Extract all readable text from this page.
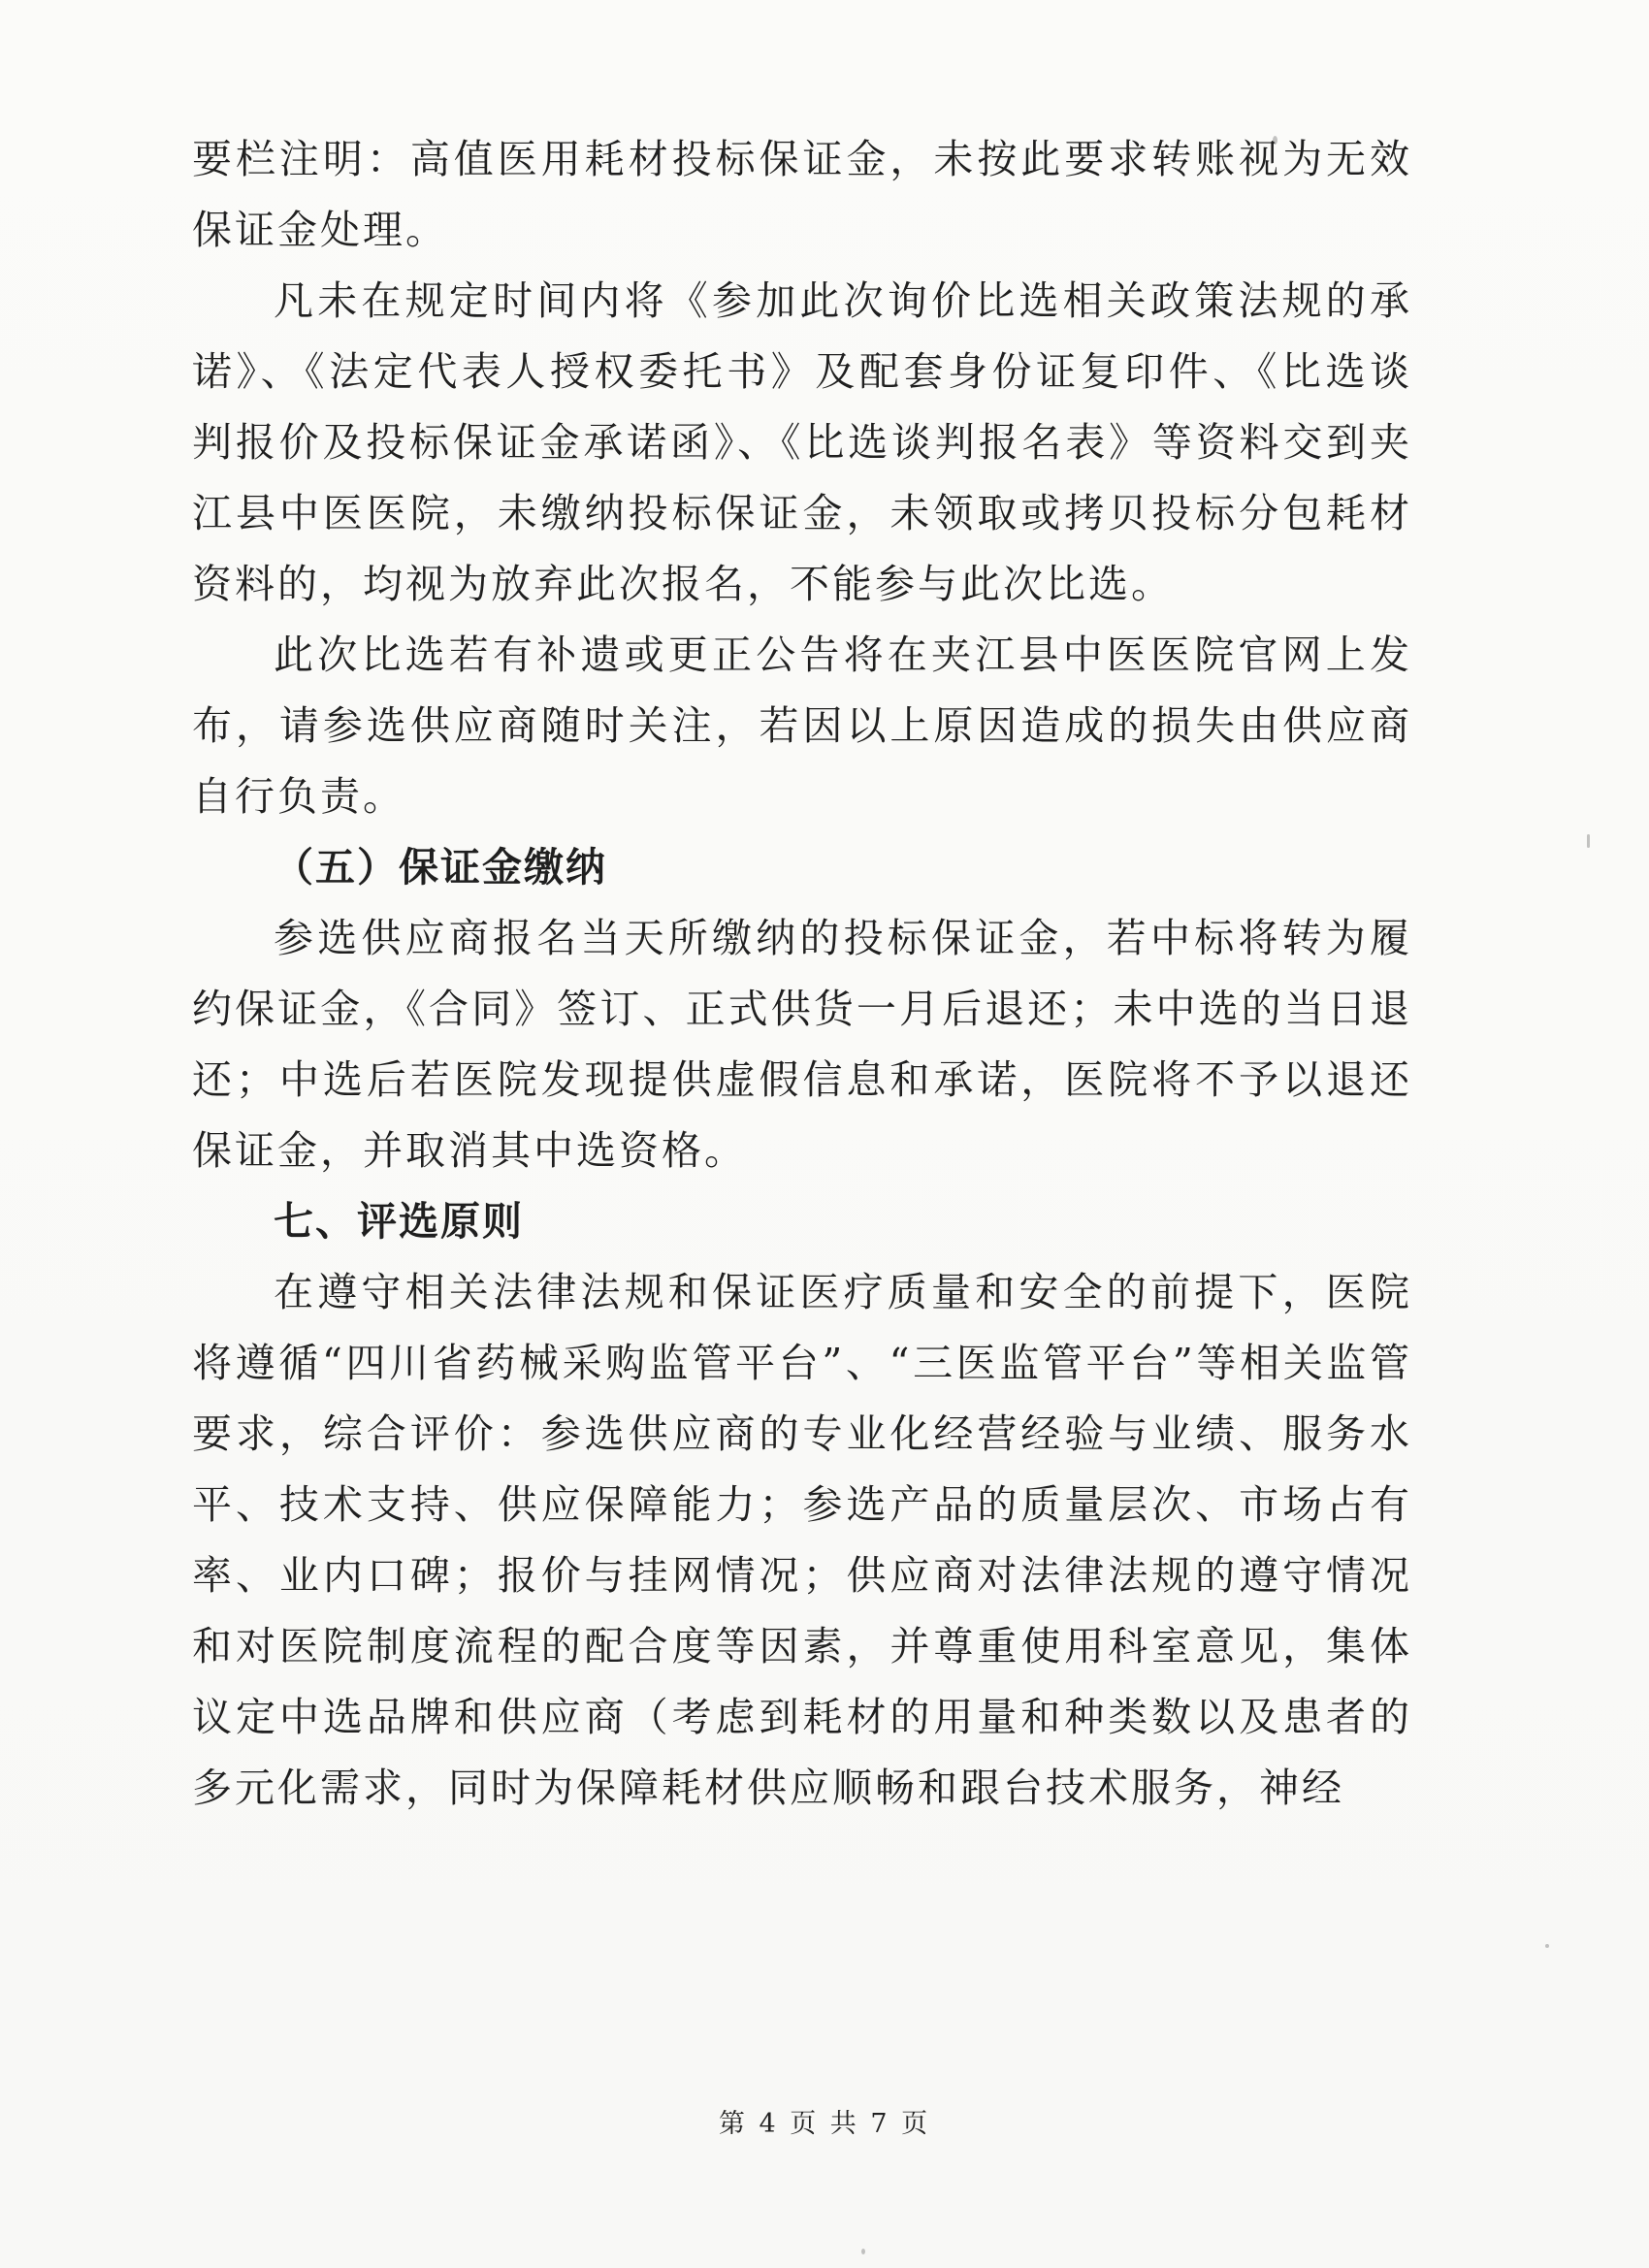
要栏注明：高值医用耗材投标保证金，未按此要求转账视为无效保证金处理。

凡未在规定时间内将《参加此次询价比选相关政策法规的承诺》、《法定代表人授权委托书》及配套身份证复印件、《比选谈判报价及投标保证金承诺函》、《比选谈判报名表》等资料交到夹江县中医医院，未缴纳投标保证金，未领取或拷贝投标分包耗材资料的，均视为放弃此次报名，不能参与此次比选。

此次比选若有补遗或更正公告将在夹江县中医医院官网上发布，请参选供应商随时关注，若因以上原因造成的损失由供应商自行负责。

（五）保证金缴纳

参选供应商报名当天所缴纳的投标保证金，若中标将转为履约保证金，《合同》签订、正式供货一月后退还；未中选的当日退还；中选后若医院发现提供虚假信息和承诺，医院将不予以退还保证金，并取消其中选资格。

七、评选原则

在遵守相关法律法规和保证医疗质量和安全的前提下，医院将遵循“四川省药械采购监管平台”、“三医监管平台”等相关监管要求，综合评价：参选供应商的专业化经营经验与业绩、服务水平、技术支持、供应保障能力；参选产品的质量层次、市场占有率、业内口碑；报价与挂网情况；供应商对法律法规的遵守情况和对医院制度流程的配合度等因素，并尊重使用科室意见，集体议定中选品牌和供应商（考虑到耗材的用量和种类数以及患者的多元化需求，同时为保障耗材供应顺畅和跟台技术服务，神经

第 4 页 共 7 页
